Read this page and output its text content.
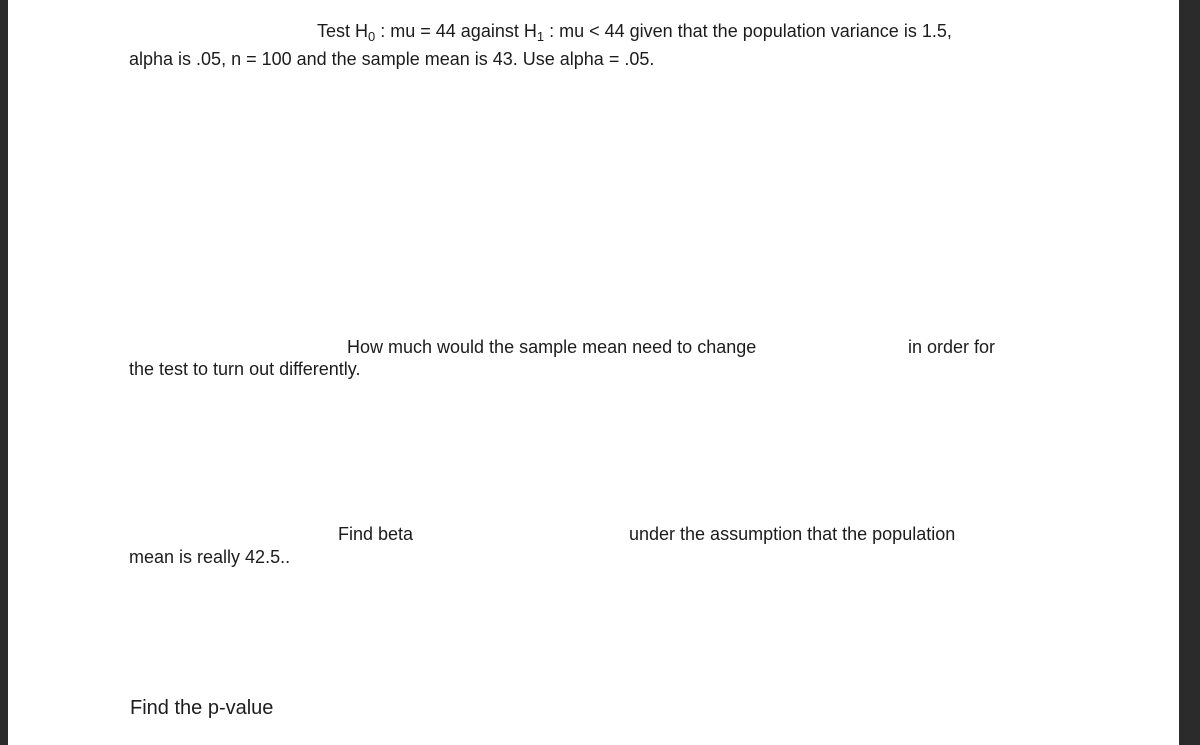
Test $H_0$ : mu = 44 against $H_1$ : mu < 44 given that the population variance is 1.5,
alpha is .05, n = 100 and the sample mean is 43. Use alpha = .05.
How much would the sample mean need to change	in order for
the test to turn out differently.
Find beta	under the assumption that the population
mean is really 42.5..
Find the p-value
